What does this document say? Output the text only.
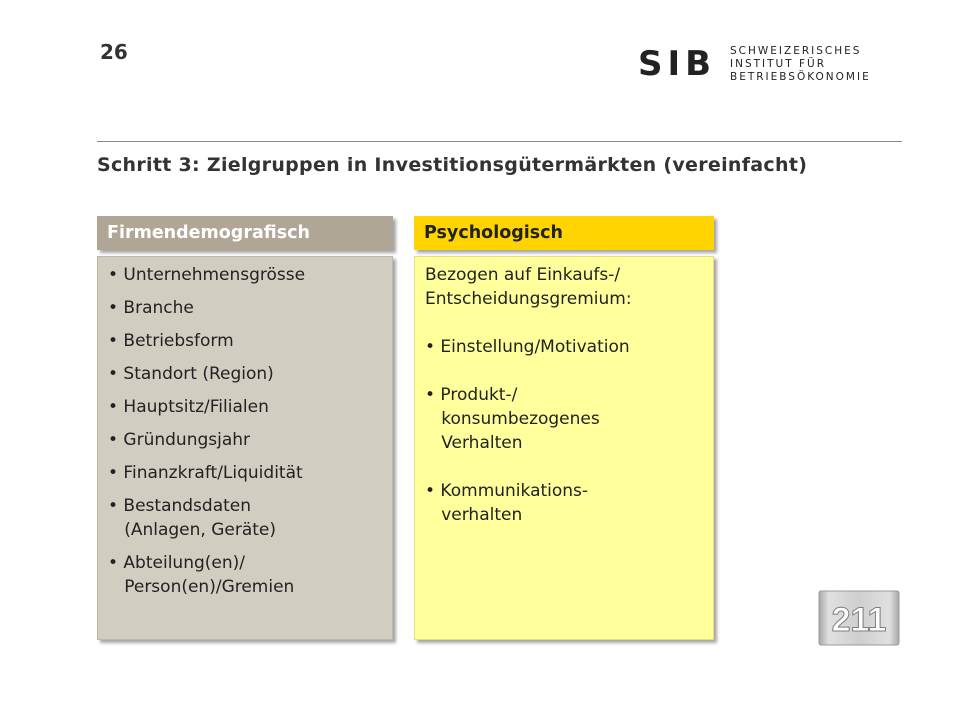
26	SIB SCHWEIZERISCHES
INSTITUT FÜR
BETRIEBSÖKONOMIE
Schritt 3: Zielgruppen in Investitionsgütermärkten (vereinfacht)
Firmendemografisch
• Unternehmensgrösse
• Branche
• Betriebsform
• Standort (Region)
• Hauptsitz/Filialen
• Gründungsjahr
• Finanzkraft/Liquidität
• Bestandsdaten
(Anlagen, Geräte)
• Abteilung(en)/
Person(en)/Gremien
Psychologisch
Bezogen auf Einkaufs-/
Entscheidungsgremium:
• Einstellung/Motivation
• Produkt-/
konsumbezogenes
Verhalten
• Kommunikations-
verhalten
211
